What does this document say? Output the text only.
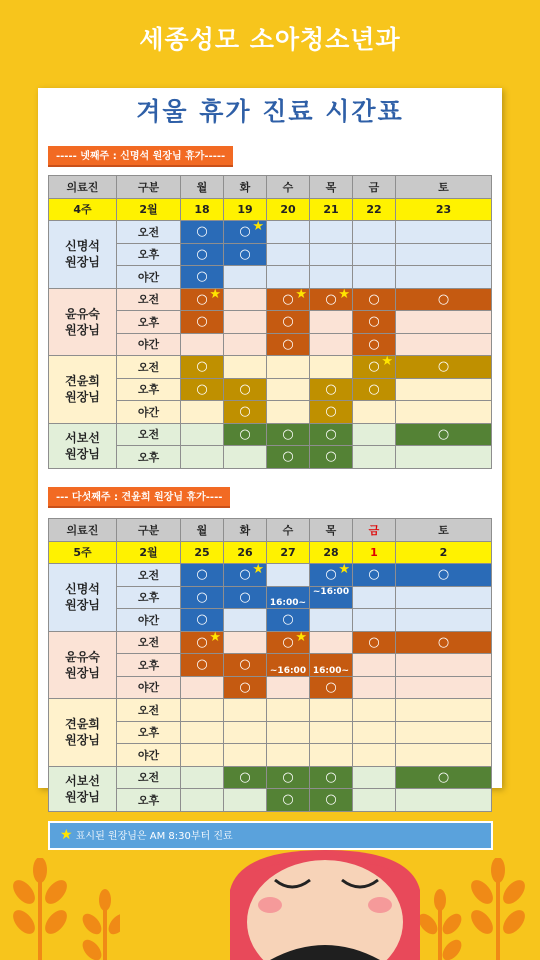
세종성모 소아청소년과
겨울 휴가 진료 시간표
----- 넷째주 : 신명석 원장님 휴가-----
의료진	구분	월	화	수	목	금	토
4주	2월	18	19	20	21	22	23
신명석 원장님	오전	○	○ ★				

	오후	○	○				
	야간	○					
윤유숙 원장님	오전	○ ★		○ ★	○ ★	○	○
	오후	○		○		○	
	야간			○		○	
견윤희 원장님	오전	○				○ ★	○
	오후	○	○		○	○	
	야간		○		○		
서보선 원장님	오전		○	○	○		○
	오후			○	○		
--- 다섯째주 : 견윤희 원장님 휴가----
의료진	구분	월	화	수	목	금	토
5주	2월	25	26	27	28	1	2
신명석 원장님	오전	○	○ ★		○ ★	○	○
	오후	○	○	16:00~	~16:00		

	야간	○		○			
윤유숙 원장님	오전	○ ★		○ ★		○	○
	오후	○	○	~16:00	16:00~		

	야간		○		○		
견윤희 원장님	오전						
	오후						
	야간						
서보선 원장님	오전		○	○	○		○
	오후			○	○		
★ 표시된 원장님은 AM 8:30부터 진료
